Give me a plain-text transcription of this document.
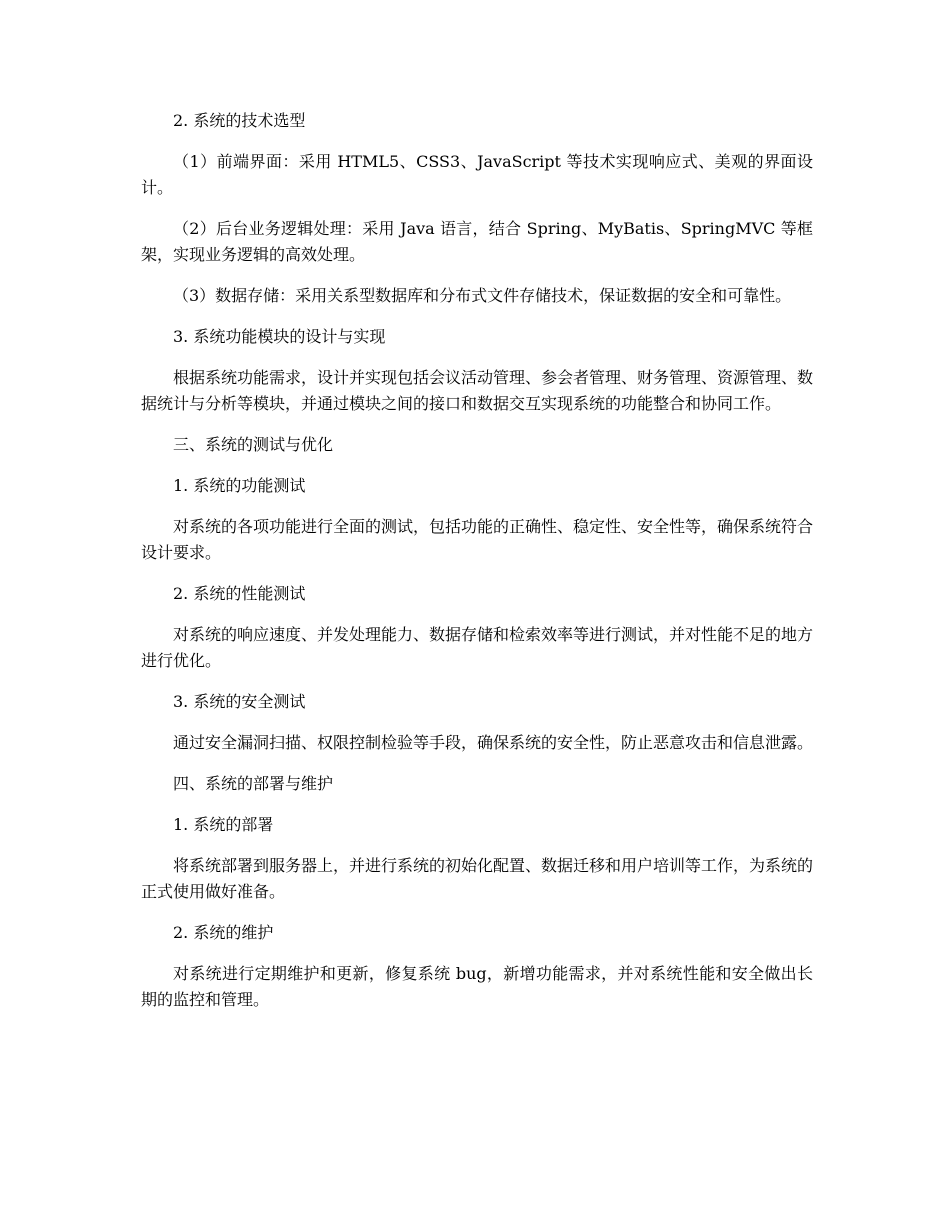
2. 系统的技术选型

（1）前端界面：采用 HTML5、CSS3、JavaScript 等技术实现响应式、美观的界面设计。

（2）后台业务逻辑处理：采用 Java 语言，结合 Spring、MyBatis、SpringMVC 等框架，实现业务逻辑的高效处理。

（3）数据存储：采用关系型数据库和分布式文件存储技术，保证数据的安全和可靠性。

3. 系统功能模块的设计与实现

根据系统功能需求，设计并实现包括会议活动管理、参会者管理、财务管理、资源管理、数据统计与分析等模块，并通过模块之间的接口和数据交互实现系统的功能整合和协同工作。

三、系统的测试与优化

1. 系统的功能测试

对系统的各项功能进行全面的测试，包括功能的正确性、稳定性、安全性等，确保系统符合设计要求。

2. 系统的性能测试

对系统的响应速度、并发处理能力、数据存储和检索效率等进行测试，并对性能不足的地方进行优化。

3. 系统的安全测试

通过安全漏洞扫描、权限控制检验等手段，确保系统的安全性，防止恶意攻击和信息泄露。

四、系统的部署与维护

1. 系统的部署

将系统部署到服务器上，并进行系统的初始化配置、数据迁移和用户培训等工作，为系统的正式使用做好准备。

2. 系统的维护

对系统进行定期维护和更新，修复系统 bug，新增功能需求，并对系统性能和安全做出长期的监控和管理。
